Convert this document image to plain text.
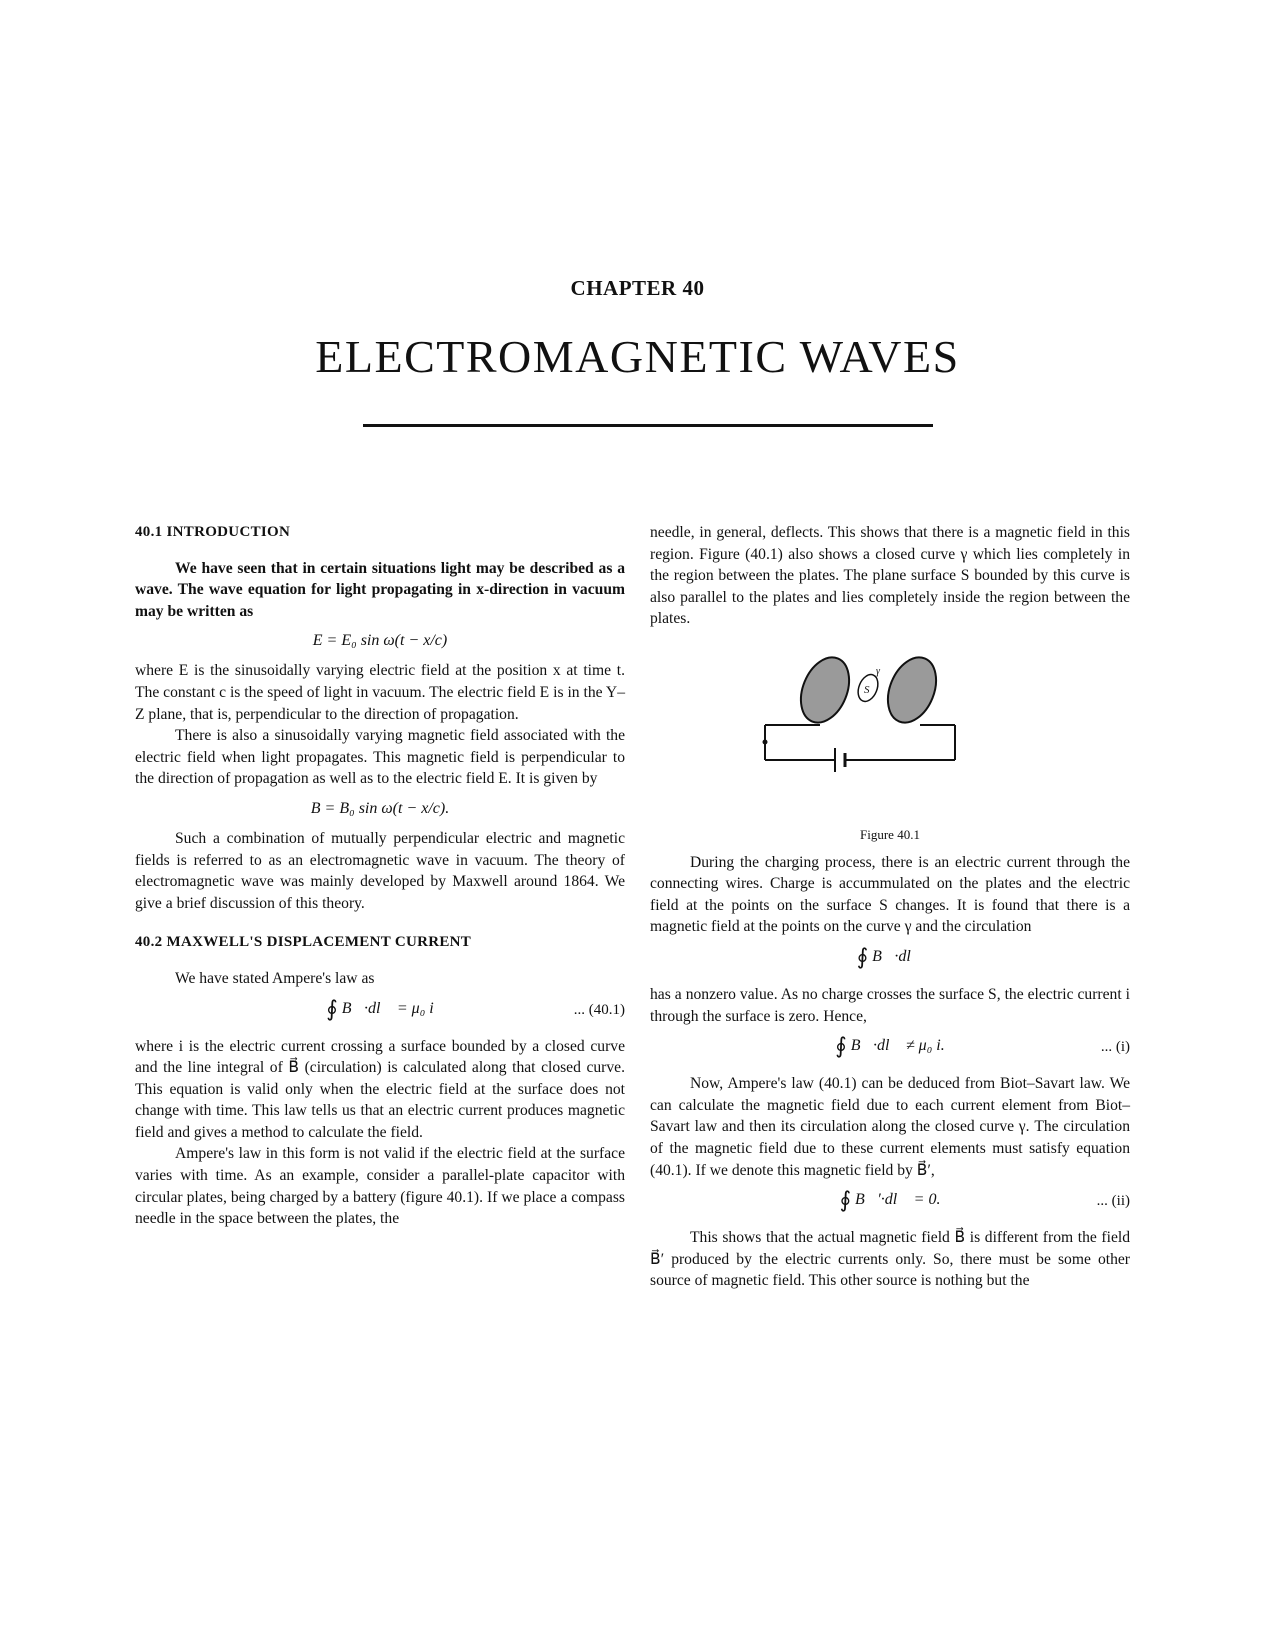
CHAPTER 40
ELECTROMAGNETIC WAVES

40.1 INTRODUCTION

We have seen that in certain situations light may be described as a wave. The wave equation for light propagating in x-direction in vacuum may be written as

E = E₀ sin ω(t − x/c)

where E is the sinusoidally varying electric field at the position x at time t. The constant c is the speed of light in vacuum. The electric field E is in the Y–Z plane, that is, perpendicular to the direction of propagation.

There is also a sinusoidally varying magnetic field associated with the electric field when light propagates. This magnetic field is perpendicular to the direction of propagation as well as to the electric field E. It is given by

B = B₀ sin ω(t − x/c).

Such a combination of mutually perpendicular electric and magnetic fields is referred to as an electromagnetic wave in vacuum. The theory of electromagnetic wave was mainly developed by Maxwell around 1864. We give a brief discussion of this theory.

40.2 MAXWELL'S DISPLACEMENT CURRENT

We have stated Ampere's law as

∮ B⃗·dl⃗ = μ₀ i	... (40.1)

where i is the electric current crossing a surface bounded by a closed curve and the line integral of B⃗ (circulation) is calculated along that closed curve. This equation is valid only when the electric field at the surface does not change with time. This law tells us that an electric current produces magnetic field and gives a method to calculate the field.

Ampere's law in this form is not valid if the electric field at the surface varies with time. As an example, consider a parallel-plate capacitor with circular plates, being charged by a battery (figure 40.1). If we place a compass needle in the space between the plates, the

needle, in general, deflects. This shows that there is a magnetic field in this region. Figure (40.1) also shows a closed curve γ which lies completely in the region between the plates. The plane surface S bounded by this curve is also parallel to the plates and lies completely inside the region between the plates.

S
γ

Figure 40.1

During the charging process, there is an electric current through the connecting wires. Charge is accummulated on the plates and the electric field at the points on the surface S changes. It is found that there is a magnetic field at the points on the curve γ and the circulation

∮ B⃗·dl⃗

has a nonzero value. As no charge crosses the surface S, the electric current i through the surface is zero. Hence,

∮ B⃗·dl⃗ ≠ μ₀ i.	... (i)

Now, Ampere's law (40.1) can be deduced from Biot–Savart law. We can calculate the magnetic field due to each current element from Biot–Savart law and then its circulation along the closed curve γ. The circulation of the magnetic field due to these current elements must satisfy equation (40.1). If we denote this magnetic field by B⃗′,

∮ B⃗′·dl⃗ = 0.	... (ii)

This shows that the actual magnetic field B⃗ is different from the field B⃗′ produced by the electric currents only. So, there must be some other source of magnetic field. This other source is nothing but the
